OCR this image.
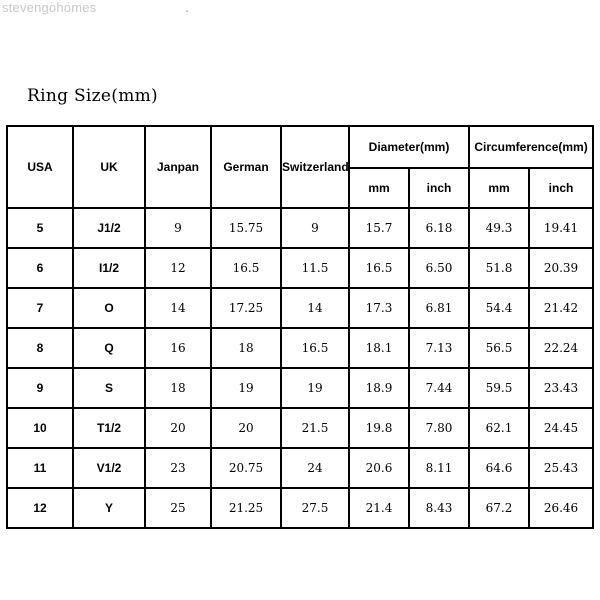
stevengohomes
Ring Size(mm)
USA	UK	Janpan	German	Switzerland	Diameter(mm)		Circumference(mm)	
					mm	inch	mm	inch
5	J1/2	9	15.75	9	15.7	6.18	49.3	19.41
6	I1/2	12	16.5	11.5	16.5	6.50	51.8	20.39
7	O	14	17.25	14	17.3	6.81	54.4	21.42
8	Q	16	18	16.5	18.1	7.13	56.5	22.24
9	S	18	19	19	18.9	7.44	59.5	23.43
10	T1/2	20	20	21.5	19.8	7.80	62.1	24.45
11	V1/2	23	20.75	24	20.6	8.11	64.6	25.43
12	Y	25	21.25	27.5	21.4	8.43	67.2	26.46
